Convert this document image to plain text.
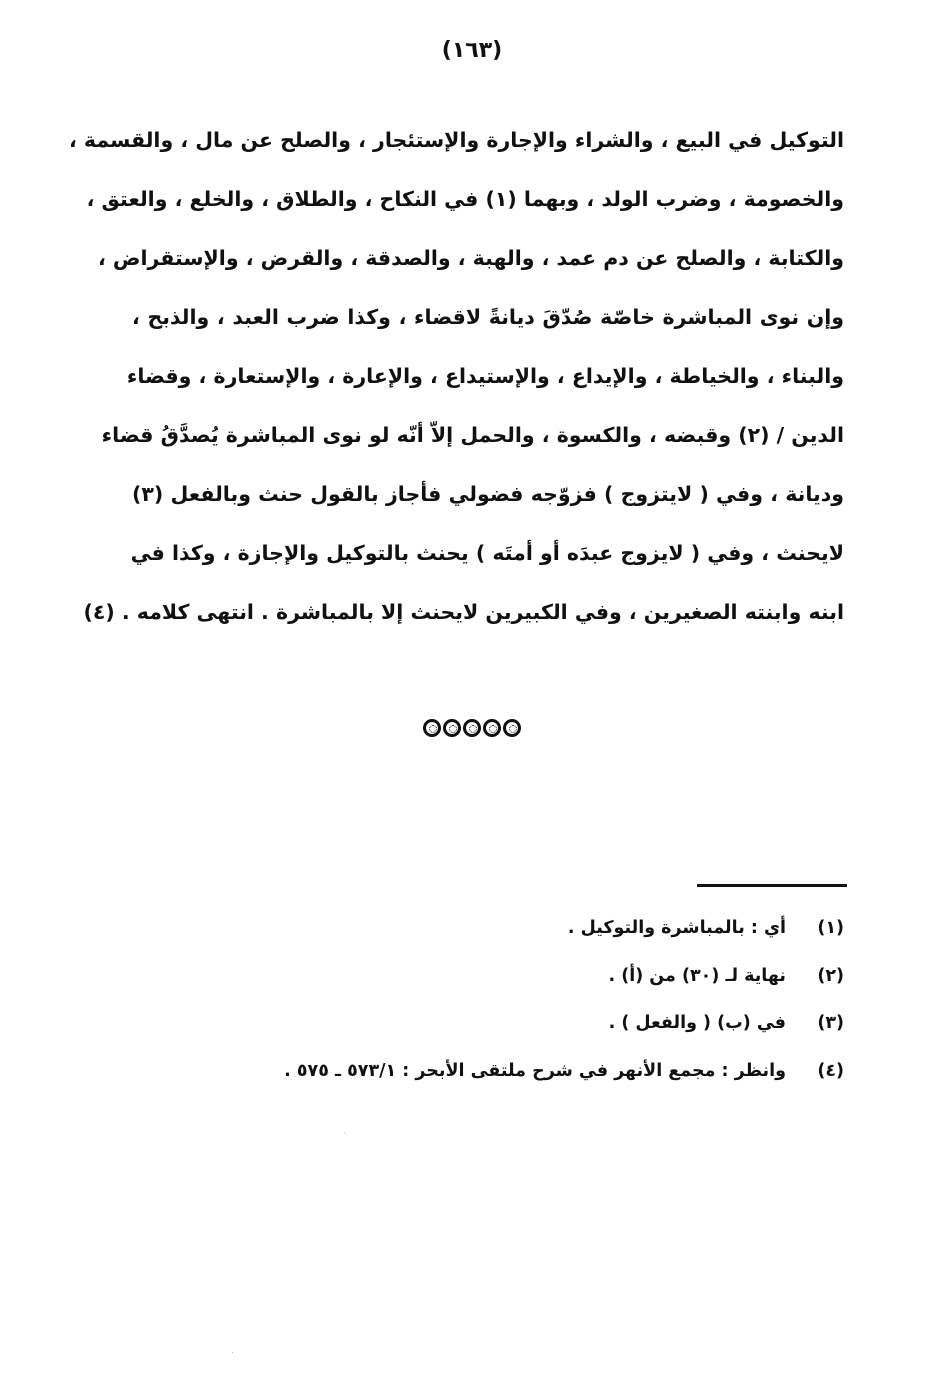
(١٦٣)
التوكيل في البيع ، والشراء والإجارة والإستئجار ، والصلح عن مال ، والقسمة ،
والخصومة ، وضرب الولد ، وبهما (١) في النكاح ، والطلاق ، والخلع ، والعتق ،
والكتابة ، والصلح عن دم عمد ، والهبة ، والصدقة ، والقرض ، والإستقراض ،
وإن نوى المباشرة خاصّة صُدّقَ ديانةً لاقضاء ، وكذا ضرب العبد ، والذبح ،
والبناء ، والخياطة ، والإيداع ، والإستيداع ، والإعارة ، والإستعارة ، وقضاء
الدين / (٢) وقبضه ، والكسوة ، والحمل إلاّ أنّه لو نوى المباشرة يُصدَّقُ قضاء
وديانة ، وفي ( لايتزوج ) فزوّجه فضولي فأجاز بالقول حنث وبالفعل (٣)
لايحنث ، وفي ( لايزوج عبدَه أو أمتَه ) يحنث بالتوكيل والإجازة ، وكذا في
ابنه وابنته الصغيرين ، وفي الكبيرين لايحنث إلا بالمباشرة . انتهى كلامه . (٤)
(١)
أي : بالمباشرة والتوكيل .
(٢)
نهاية لـ (٣٠) من (أ) .
(٣)
في (ب) ( والفعل ) .
(٤)
وانظر : مجمع الأنهر في شرح ملتقى الأبحر : ٥٧٣/١ ـ ٥٧٥ .
